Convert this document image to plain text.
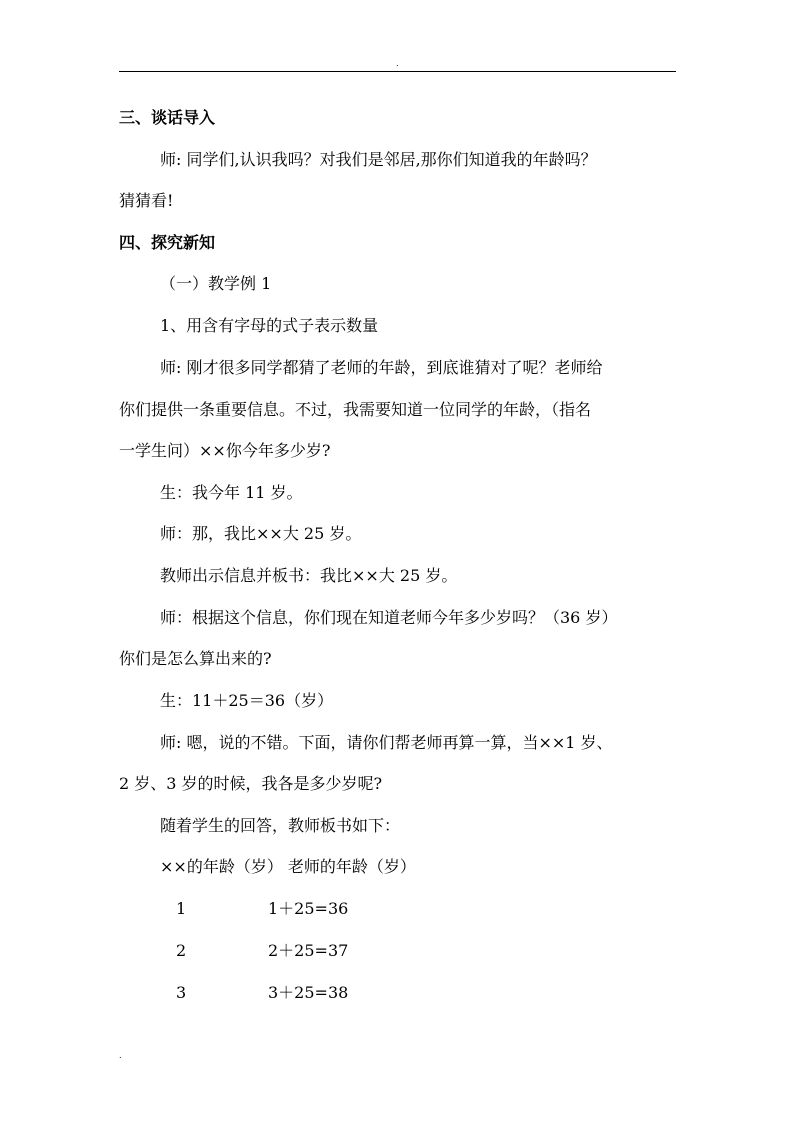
.
三、谈话导入
师: 同学们,认识我吗？对我们是邻居,那你们知道我的年龄吗？
猜猜看!
四、探究新知
（一）教学例 1
1、用含有字母的式子表示数量
师: 刚才很多同学都猜了老师的年龄，到底谁猜对了呢？老师给
你们提供一条重要信息。不过，我需要知道一位同学的年龄，（指名
一学生问）××你今年多少岁?
生：我今年 11 岁。
师：那，我比××大 25 岁。
教师出示信息并板书：我比××大 25 岁。
师：根据这个信息，你们现在知道老师今年多少岁吗？（36 岁）
你们是怎么算出来的?
生：11＋25＝36（岁）
师: 嗯，说的不错。下面，请你们帮老师再算一算，当××1 岁、
2 岁、3 岁的时候，我各是多少岁呢?
随着学生的回答，教师板书如下：
××的年龄（岁） 老师的年龄（岁）
1	1＋25=36
2	2＋25=37
3	3＋25=38
.
